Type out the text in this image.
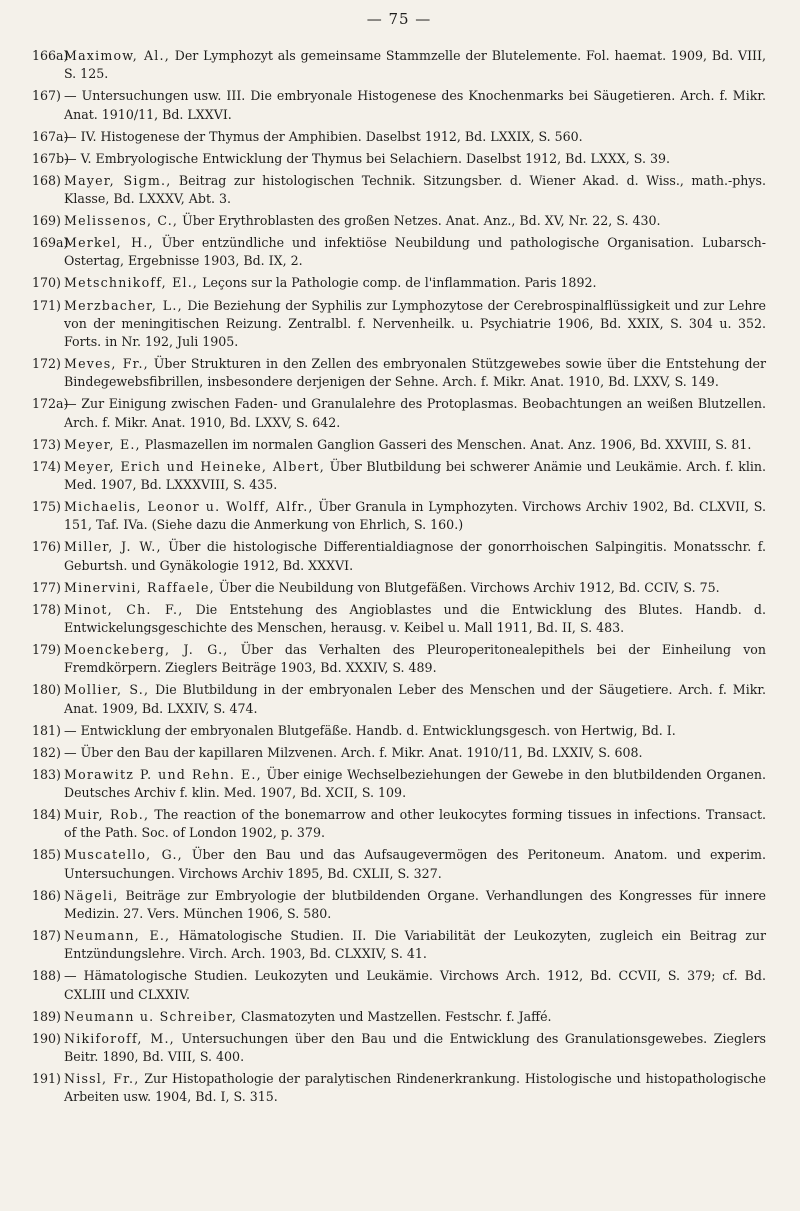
— 75 —
166a)
Maximow, Al., Der Lymphozyt als gemeinsame Stammzelle der Blutelemente. Fol. haemat. 1909, Bd. VIII, S. 125.
167) — Untersuchungen usw. III. Die embryonale Histogenese des Knochenmarks bei Säugetieren. Arch. f. Mikr. Anat. 1910/11, Bd. LXXVI.
167a)
— IV. Histogenese der Thymus der Amphibien. Daselbst 1912, Bd. LXXIX, S. 560.
167b)
— V. Embryologische Entwicklung der Thymus bei Selachiern. Daselbst 1912, Bd. LXXX, S. 39.
168) Mayer, Sigm., Beitrag zur histologischen Technik. Sitzungsber. d. Wiener Akad. d. Wiss., math.-phys. Klasse, Bd. LXXXV, Abt. 3.
169) Melissenos, C., Über Erythroblasten des großen Netzes. Anat. Anz., Bd. XV, Nr. 22, S. 430.
169a)
Merkel, H., Über entzündliche und infektiöse Neubildung und pathologische Organisation. Lubarsch-Ostertag, Ergebnisse 1903, Bd. IX, 2.
170) Metschnikoff, El., Leçons sur la Pathologie comp. de l'inflammation. Paris 1892.
171) Merzbacher, L., Die Beziehung der Syphilis zur Lymphozytose der Cerebrospinalflüssigkeit und zur Lehre von der meningitischen Reizung. Zentralbl. f. Nervenheilk. u. Psychiatrie 1906, Bd. XXIX, S. 304 u. 352. Forts. in Nr. 192, Juli 1905.
172) Meves, Fr., Über Strukturen in den Zellen des embryonalen Stützgewebes sowie über die Entstehung der Bindegewebsfibrillen, insbesondere derjenigen der Sehne. Arch. f. Mikr. Anat. 1910, Bd. LXXV, S. 149.
172a)
— Zur Einigung zwischen Faden- und Granulalehre des Protoplasmas. Beobachtungen an weißen Blutzellen. Arch. f. Mikr. Anat. 1910, Bd. LXXV, S. 642.
173) Meyer, E., Plasmazellen im normalen Ganglion Gasseri des Menschen. Anat. Anz. 1906, Bd. XXVIII, S. 81.
174) Meyer, Erich und Heineke, Albert, Über Blutbildung bei schwerer Anämie und Leukämie. Arch. f. klin. Med. 1907, Bd. LXXXVIII, S. 435.
175) Michaelis, Leonor u. Wolff, Alfr., Über Granula in Lymphozyten. Virchows Archiv 1902, Bd. CLXVII, S. 151, Taf. IVa. (Siehe dazu die Anmerkung von Ehrlich, S. 160.)
176) Miller, J. W., Über die histologische Differentialdiagnose der gonorrhoischen Salpingitis. Monatsschr. f. Geburtsh. und Gynäkologie 1912, Bd. XXXVI.
177) Minervini, Raffaele, Über die Neubildung von Blutgefäßen. Virchows Archiv 1912, Bd. CCIV, S. 75.
178) Minot, Ch. F., Die Entstehung des Angioblastes und die Entwicklung des Blutes. Handb. d. Entwickelungsgeschichte des Menschen, herausg. v. Keibel u. Mall 1911, Bd. II, S. 483.
179) Moenckeberg, J. G., Über das Verhalten des Pleuroperitonealepithels bei der Einheilung von Fremdkörpern. Zieglers Beiträge 1903, Bd. XXXIV, S. 489.
180) Mollier, S., Die Blutbildung in der embryonalen Leber des Menschen und der Säugetiere. Arch. f. Mikr. Anat. 1909, Bd. LXXIV, S. 474.
181) — Entwicklung der embryonalen Blutgefäße. Handb. d. Entwicklungsgesch. von Hertwig, Bd. I.
182) — Über den Bau der kapillaren Milzvenen. Arch. f. Mikr. Anat. 1910/11, Bd. LXXIV, S. 608.
183) Morawitz P. und Rehn. E., Über einige Wechselbeziehungen der Gewebe in den blutbildenden Organen. Deutsches Archiv f. klin. Med. 1907, Bd. XCII, S. 109.
184) Muir, Rob., The reaction of the bonemarrow and other leukocytes forming tissues in infections. Transact. of the Path. Soc. of London 1902, p. 379.
185) Muscatello, G., Über den Bau und das Aufsaugevermögen des Peritoneum. Anatom. und experim. Untersuchungen. Virchows Archiv 1895, Bd. CXLII, S. 327.
186) Nägeli, Beiträge zur Embryologie der blutbildenden Organe. Verhandlungen des Kongresses für innere Medizin. 27. Vers. München 1906, S. 580.
187) Neumann, E., Hämatologische Studien. II. Die Variabilität der Leukozyten, zugleich ein Beitrag zur Entzündungslehre. Virch. Arch. 1903, Bd. CLXXIV, S. 41.
188) — Hämatologische Studien. Leukozyten und Leukämie. Virchows Arch. 1912, Bd. CCVII, S. 379; cf. Bd. CXLIII und CLXXIV.
189) Neumann u. Schreiber, Clasmatozyten und Mastzellen. Festschr. f. Jaffé.
190) Nikiforoff, M., Untersuchungen über den Bau und die Entwicklung des Granulationsgewebes. Zieglers Beitr. 1890, Bd. VIII, S. 400.
191) Nissl, Fr., Zur Histopathologie der paralytischen Rindenerkrankung. Histologische und histopathologische Arbeiten usw. 1904, Bd. I, S. 315.
